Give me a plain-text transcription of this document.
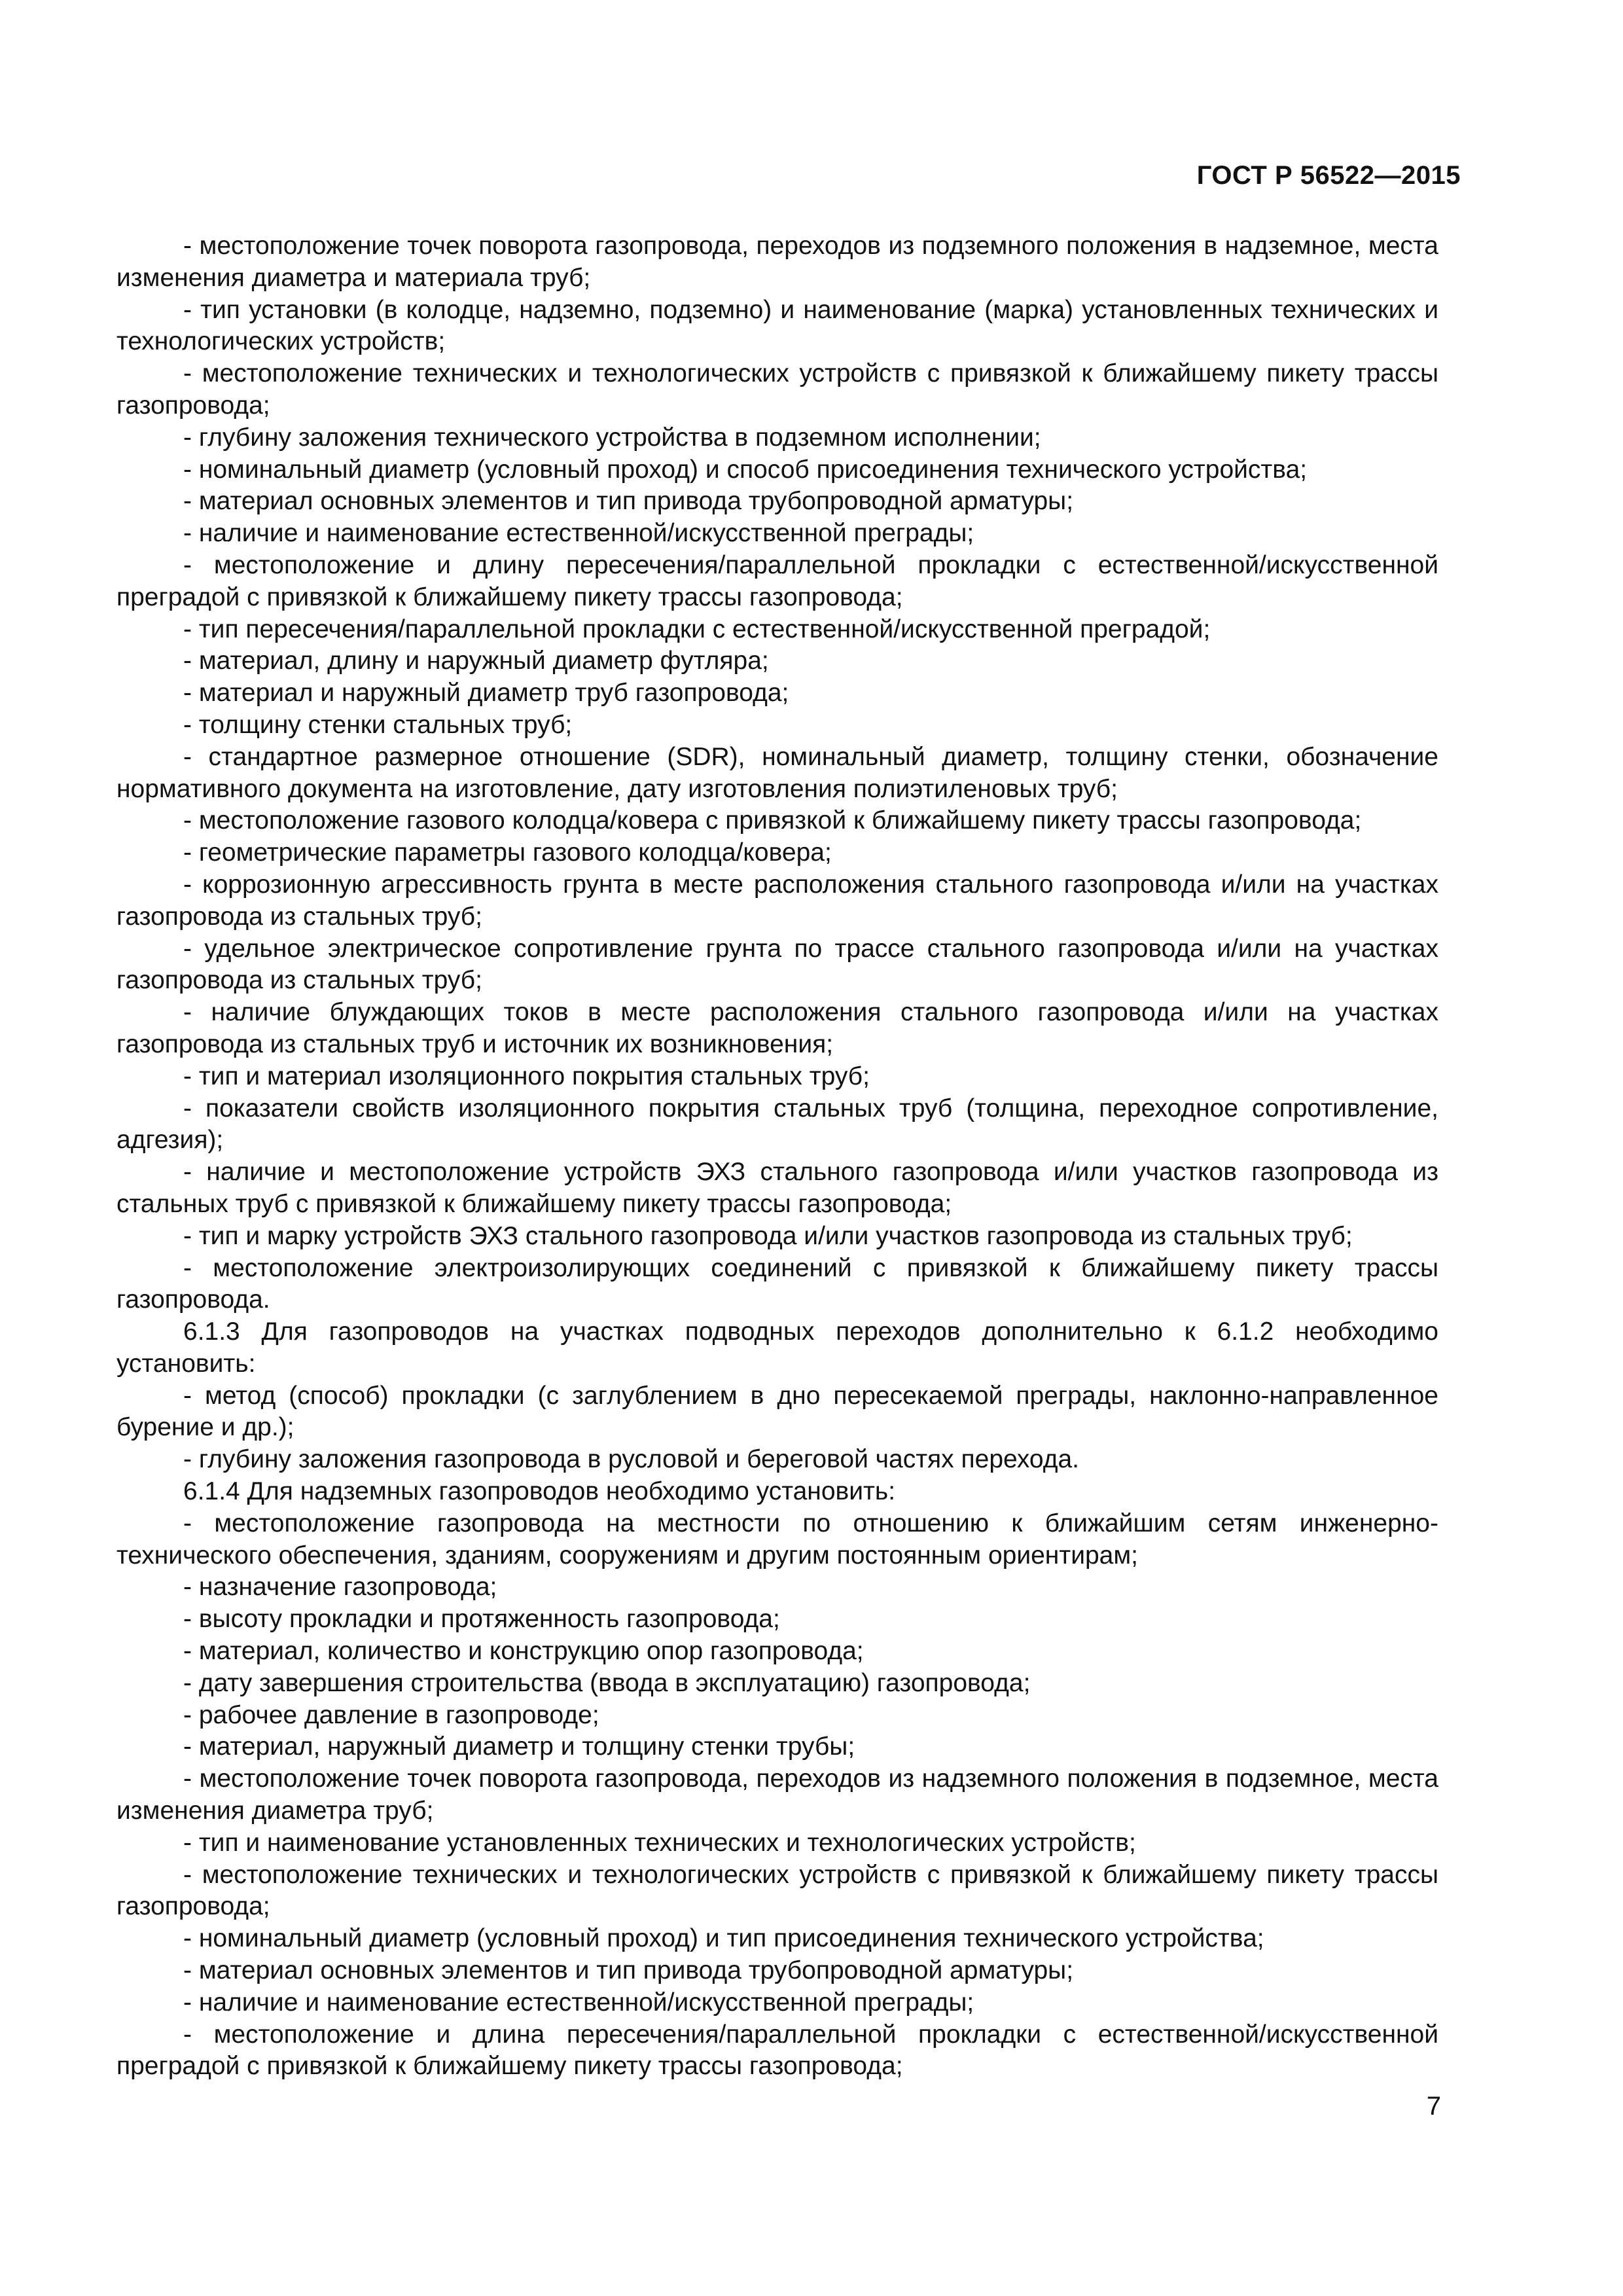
ГОСТ Р 56522—2015

- местоположение точек поворота газопровода, переходов из подземного положения в надземное, места изменения диаметра и материала труб;

- тип установки (в колодце, надземно, подземно) и наименование (марка) установленных технических и технологических устройств;

- местоположение технических и технологических устройств с привязкой к ближайшему пикету трассы газопровода;

- глубину заложения технического устройства в подземном исполнении;

- номинальный диаметр (условный проход) и способ присоединения технического устройства;

- материал основных элементов и тип привода трубопроводной арматуры;

- наличие и наименование естественной/искусственной преграды;

- местоположение и длину пересечения/параллельной прокладки с естественной/искусственной преградой с привязкой к ближайшему пикету трассы газопровода;

- тип пересечения/параллельной прокладки с естественной/искусственной преградой;

- материал, длину и наружный диаметр футляра;

- материал и наружный диаметр труб газопровода;

- толщину стенки стальных труб;

- стандартное размерное отношение (SDR), номинальный диаметр, толщину стенки, обозначение нормативного документа на изготовление, дату изготовления полиэтиленовых труб;

- местоположение газового колодца/ковера с привязкой к ближайшему пикету трассы газопровода;

- геометрические параметры газового колодца/ковера;

- коррозионную агрессивность грунта в месте расположения стального газопровода и/или на участках газопровода из стальных труб;

- удельное электрическое сопротивление грунта по трассе стального газопровода и/или на участках газопровода из стальных труб;

- наличие блуждающих токов в месте расположения стального газопровода и/или на участках газопровода из стальных труб и источник их возникновения;

- тип и материал изоляционного покрытия стальных труб;

- показатели свойств изоляционного покрытия стальных труб (толщина, переходное сопротивление, адгезия);

- наличие и местоположение устройств ЭХЗ стального газопровода и/или участков газопровода из стальных труб с привязкой к ближайшему пикету трассы газопровода;

- тип и марку устройств ЭХЗ стального газопровода и/или участков газопровода из стальных труб;

- местоположение электроизолирующих соединений с привязкой к ближайшему пикету трассы газопровода.

6.1.3 Для газопроводов на участках подводных переходов дополнительно к 6.1.2 необходимо установить:

- метод (способ) прокладки (с заглублением в дно пересекаемой преграды, наклонно-направленное бурение и др.);

- глубину заложения газопровода в русловой и береговой частях перехода.

6.1.4 Для надземных газопроводов необходимо установить:

- местоположение газопровода на местности по отношению к ближайшим сетям инженерно-технического обеспечения, зданиям, сооружениям и другим постоянным ориентирам;

- назначение газопровода;

- высоту прокладки и протяженность газопровода;

- материал, количество и конструкцию опор газопровода;

- дату завершения строительства (ввода в эксплуатацию) газопровода;

- рабочее давление в газопроводе;

- материал, наружный диаметр и толщину стенки трубы;

- местоположение точек поворота газопровода, переходов из надземного положения в подземное, места изменения диаметра труб;

- тип и наименование установленных технических и технологических устройств;

- местоположение технических и технологических устройств с привязкой к ближайшему пикету трассы газопровода;

- номинальный диаметр (условный проход) и тип присоединения технического устройства;

- материал основных элементов и тип привода трубопроводной арматуры;

- наличие и наименование естественной/искусственной преграды;

- местоположение и длина пересечения/параллельной прокладки с естественной/искусственной преградой с привязкой к ближайшему пикету трассы газопровода;

7
